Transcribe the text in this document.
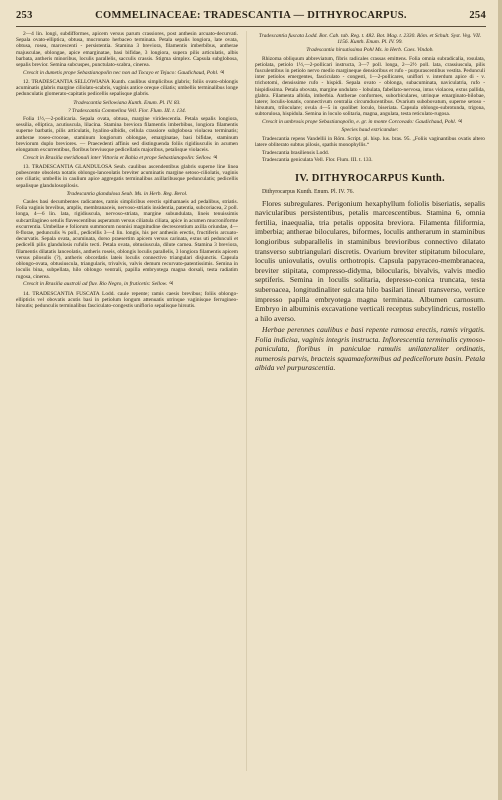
253	COMMELINACEAE: TRADESCANTIA — DITHYROCARPUS.	254

2—4 lin. longi, subdifformes, apicem versus parum crassiores, post anthesin arcuato-decurvati. Sepala ovato-elliptica, obtusa, mucronato herbaceo terminata. Petala sepalis longiora, late ovata, obtusa, rosea, marcescenti - persistentia. Stamina 3 breviora, filamentis imberbibus, antherae majusculae, oblongae, apice emarginatae, basi bifidae, 3 longiora, supera pilis articulatis, albis barbata, antheris minoribus, loculis parallelis, sacculis crassis. Stigma simplex. Capsula subglobosa, sepalis brevior. Semina subcuspes, punctulato-scabra, cinerea.

Crescit in dumetis prope Sebastianopolin nec non ad Tocayo et Tejuco: Gaudichaud, Pohl. ♃

12. TRADESCANTIA SELLOWIANA Kunth. caulibus simplicibus glabris; foliis ovato-oblongis acuminatis glabris margine ciliolato-scabris, vaginis antice oreque ciliatis; umbellis terminalibus longe pedunculatis glomerato-capitatis pedicellis sepalisque glabris.

Tradescantia Sellowiana Kunth. Enum. Pl. IV. 83.

? Tradescantia Commelina Vell. Flor. Flum. III. t. 134.

Folia 1½,—2-pollicaria. Sepala ovata, obtusa, margine viridescentia. Petala sepalis longiora, sessilia, elliptica, acutiuscula, lilacina. Stamina breviora filamentis imberbibus, longiora filamentis superne barbatis, pilis articulatis, hyalino-albidis, cellula crassiore subglobosa violacea terminatis; antherae roseo-croceae, staminum longiorum oblongae, emarginatae, basi bifidae, staminum breviorum duplo breviores. — Praecedenti affinis sed distinguenda foliis rigidiusculis in acumen elongatum excurrentibus, floribus breviusque pedicellatis majoribus, petalisque violaceis.

Crescit in Brasilia meridionali inter Vittoria et Bahia et prope Sebastianopolin: Sellow. ♃

13. TRADESCANTIA GLANDULOSA Seub. caulibus ascendentibus glabris superne line linea pubescente obsoleta notatis oblongo-lanceolatis breviter acuminatis margine setoso-ciliolatis, vaginis ore ciliatis; umbellis in caulium apice aggregatis terminalibus axillaribusque pedunculatis; pedicellis sepalisque glandulosopilosis.

Tradescantia glandulosa Seub. Ms. in Herb. Reg. Berol.

Caules basi decumbentes radicantes, ramis simplicibus erectis spithamaeis ad pedalibus, striatis. Folia vaginis brevibus, amplis, membranaceis, nervoso-striatis insidentia, patentia, subcoriacea, 2 poll. longa, 4—6 lin. lata, rigidiuscula, nervoso-striata, margine subundulata, lineis tenuissimis subcartilagineo setulis flavescentibus asperatum versus ciliatula ciliata, apice in acumen mucroniforme excurrentia. Umbellae e foliorum summorum nonnisi magnitudine decrescentium axilla oriundae, 4—8-florae, pedunculis ¾ poll., pedicellis 3—4 lin. longis, his per anthesin erectis, fructiferis arcuato-decurvatis. Sepala ovata, acuminata, dorso praesertim apicem versus carinata, extus uti pedunculi et pedicelli pilis glandulosis rufulis tecti. Petala ovata, obtusiuscula, dilute carnea. Stamina 3 breviora, filamentis dilatatis lanceolatis, antheris roseis, oblongis loculis parallelis, 3 longiora filamentis apicem versus pilosulis (?), antheris obcordatis lateis loculis connectivo triangulari disjunctis. Capsula oblongo-ovata, obtusiuscula, triangularis, trivalvis, valvis demum recurvato-patentissimis. Semina in loculis bina, subpellata, hilo oblongo ventrali, papilla embryotega magna dorsali, testa radiatim rugosa, cinerea.

Crescit in Brasilia australi ad fluv. Rio Negro, in fruticetis: Sellow. ♃

14. TRADESCANTIA FUSCATA Lodd. caule repente; ramis caesis brevibus; foliis oblongo-ellipticis vel obovatis acutis basi in petiolum longum attenuatis utrinque vaginisque ferrugineo-hirsutis; pedunculis terminalibus fasciculato-congestis uniflorio sepalisque hirsutis.

Tradescantia fuscata Lodd. Bot. Cab. tab. Reg. t. 482. Bot. Mag. t. 2330. Röm. et Schult. Syst. Veg. VII. 1156. Kunth. Enum. Pl. IV. 99.

Tradescantia hirsutissima Pohl Ms. in Herb. Caes. Vindob.

Rhizoma obliquum abbreviatum, fibris radicales crassas emittens. Folia omnia subradicalia, rosulata, petiolata, petiolo 1½,—2-pollicari instructa, 3—7 poll. longa, 2—2½ poll. lata, crassiuscula, pilis fusculentibus in petiolo nervo medio margineque densioribus et rufo - purpurascentibus vestita. Pedunculi inter petiolos emergentes, fasciculato - congesti, 1—2-pollicares, uniflori v. interdum apice di - v. trichotomi, densissime rufo - hispidi. Sepala ovato - oblonga, subacuminata, naviculatria, rufo - hispidissima. Petala obovata, margine undulato - lobulata, fabellato-nervosa, intus violacea, extus pallida, glabra. Filamenta albida, imberbia. Antherae conformes, suborbiculares, utrinque emarginato-bilobae, latere; loculis-lonatis, connectivum centralia circumducentibus. Ovarium subobovatum, superne setoso - hirsutum, triloculare; ovula 4—5 in quolibet loculo, biseriata. Capsula oblongo-subrotunda, trigona, subtorulosa, hispidula. Semina in loculo solitaria, magna, angulata, testa reticulato-rugosa.

Crescit in umbrosis prope Sebastianopolin, e. gr. in monte Corcovado: Gaudichaud, Pohl. ♃

Species haud extricandae:

Tradescantia repens Vandellii in Röm. Script. pl. hisp. lus. bras. 95. „Foliis vaginantibus ovatis altero latere obliterato subtus pilosis, spathis monophyllis.“

Tradescantia brasiliensis Lodd.

Tradescantia geniculata Vell. Flor. Flum. III. t. 133.

IV. DITHYROCARPUS Kunth.

Dithyrocarpus Kunth. Enum. Pl. IV. 76.

Flores subregulares. Perigonium hexaphyllum foliolis biseriatis, sepalis navicularibus persistentibus, petalis marcescentibus. Stamina 6, omnia fertilia, inaequalia, tria petalis opposita breviora. Filamenta filiformia, imberbia; antherae biloculares, biformes, loculis antherarum in staminibus longioribus subparallelis in staminibus brevioribus connectivo dilatato transverso subtriangulari discretis. Ovarium breviter stipitatum biloculare, loculis uniovulatis, ovulis orthotropis. Capsula papyraceo-membranacea, breviter stipitata, compresso-didyma, bilocularis, bivalvis, valvis medio septiferis. Semina in loculis solitaria, depresso-conica truncata, testa suberoacea, longitudinaliter sulcata hilo basilari lineari transverso, vertice impresso papilla embryotega magna terminata. Albumen carnosum. Embryo in albuminis excavatione verticali receptus subcylindricus, rostello a hilo averso.

Herbae perennes caulibus e basi repente ramosa erectis, ramis virgatis. Folia indicisa, vaginis integris instructa. Inflorescentia terminalis cymoso-paniculata, floribus in paniculae ramulis unilateraliter ordinatis, numerosis parvis, bracteis squamaeformibus ad pedicellorum basin. Petala albida vel purpurascentia.
